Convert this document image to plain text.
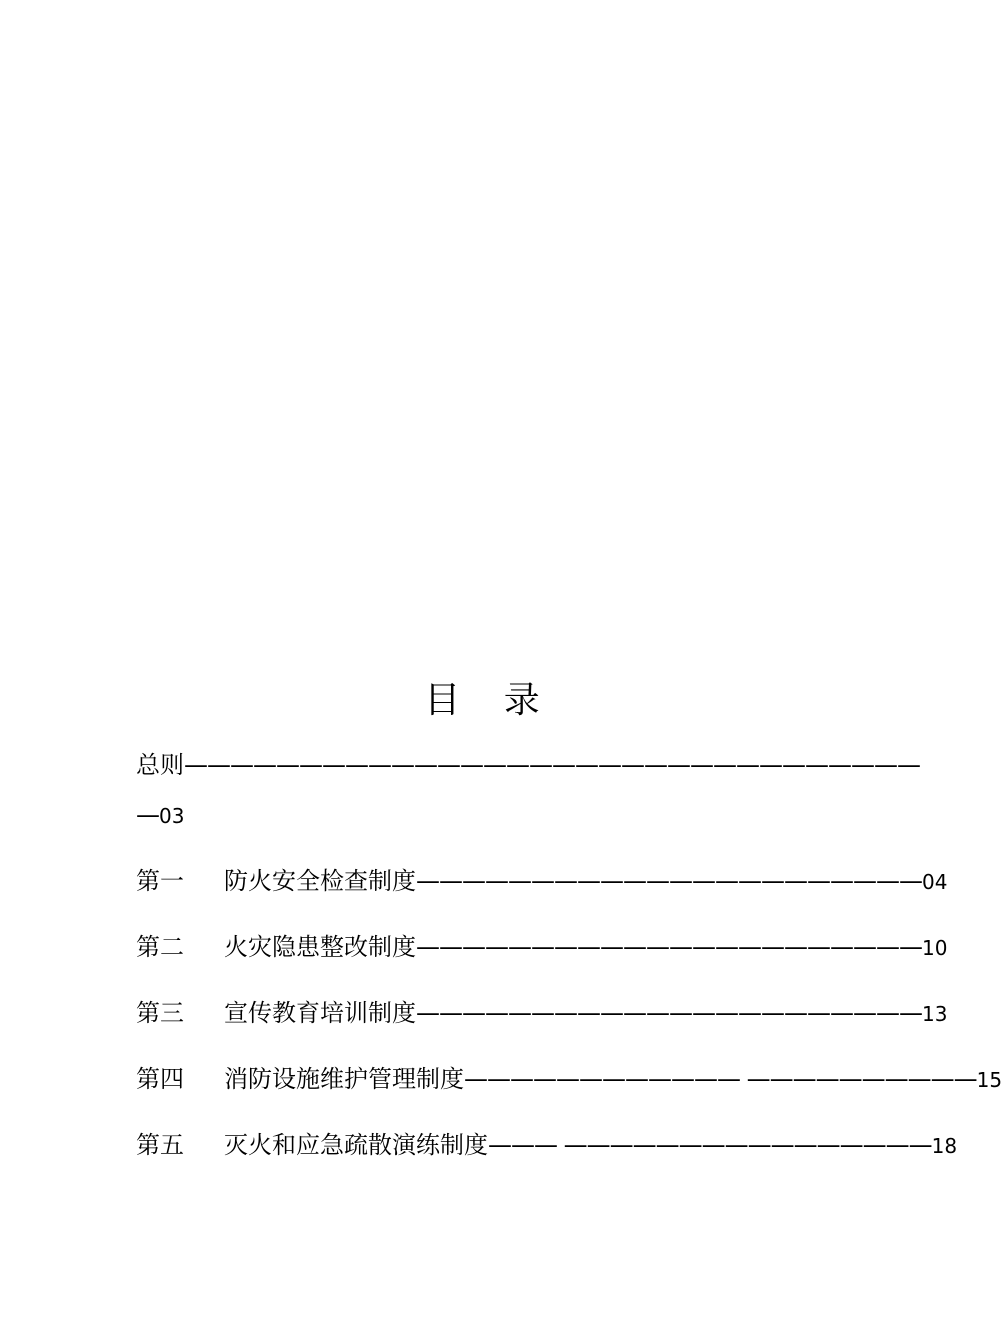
目 录
总则————————————————————————————————
—03
第一 防火安全检查制度——————————————————————04
第二 火灾隐患整改制度——————————————————————10
第三 宣传教育培训制度——————————————————————13
第四 消防设施维护管理制度———————————— ——————————15
第五 灭火和应急疏散演练制度——— ————————————————18
